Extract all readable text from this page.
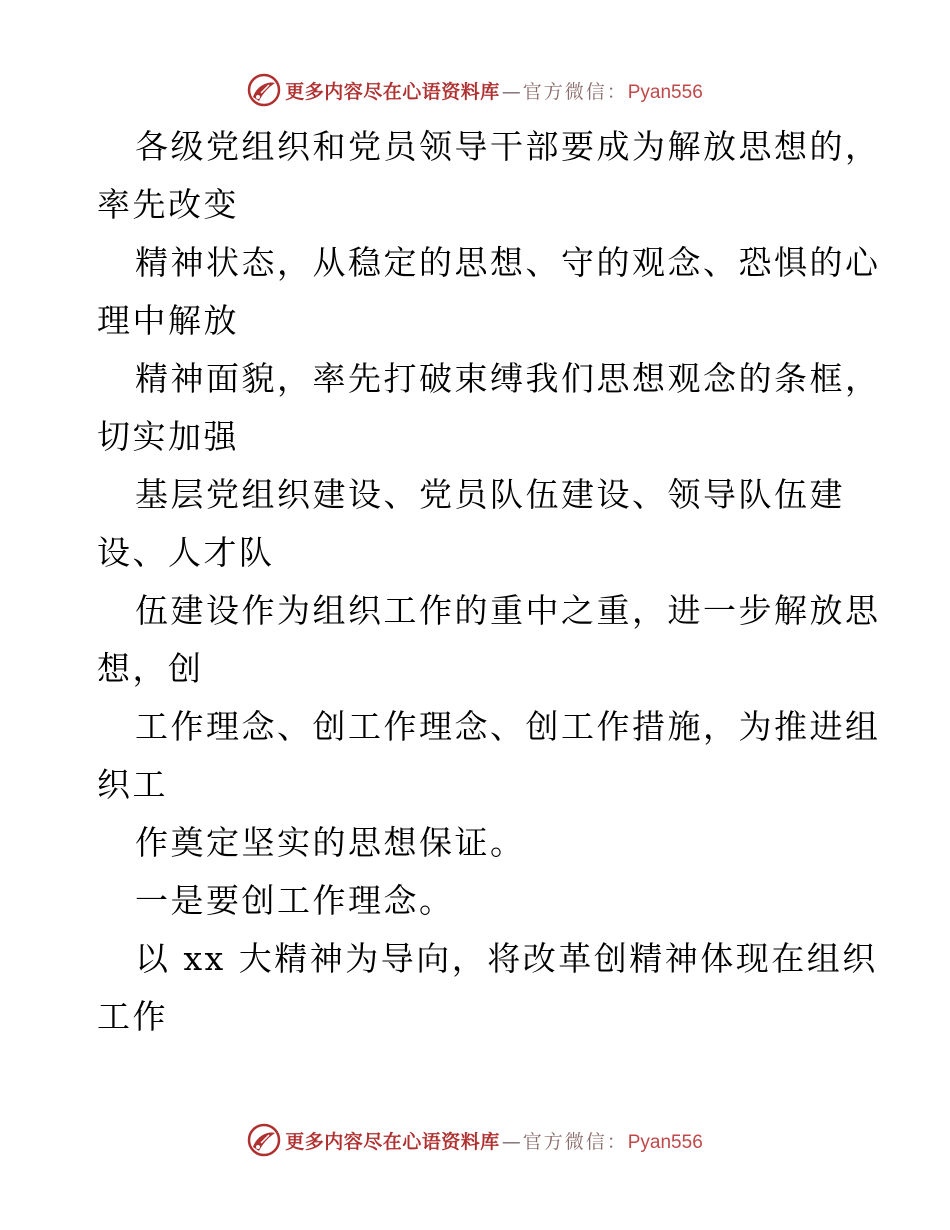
更多内容尽在心语资料库 — 官方微信： Pyan556
各级党组织和党员领导干部要成为解放思想的，
率先改变
精神状态，从稳定的思想、守的观念、恐惧的心
理中解放
精神面貌，率先打破束缚我们思想观念的条框，
切实加强
基层党组织建设、党员队伍建设、领导队伍建
设、人才队
伍建设作为组织工作的重中之重，进一步解放思
想，创
工作理念、创工作理念、创工作措施，为推进组
织工
作奠定坚实的思想保证。
一是要创工作理念。
以 xx 大精神为导向，将改革创精神体现在组织
工作
更多内容尽在心语资料库 — 官方微信： Pyan556
